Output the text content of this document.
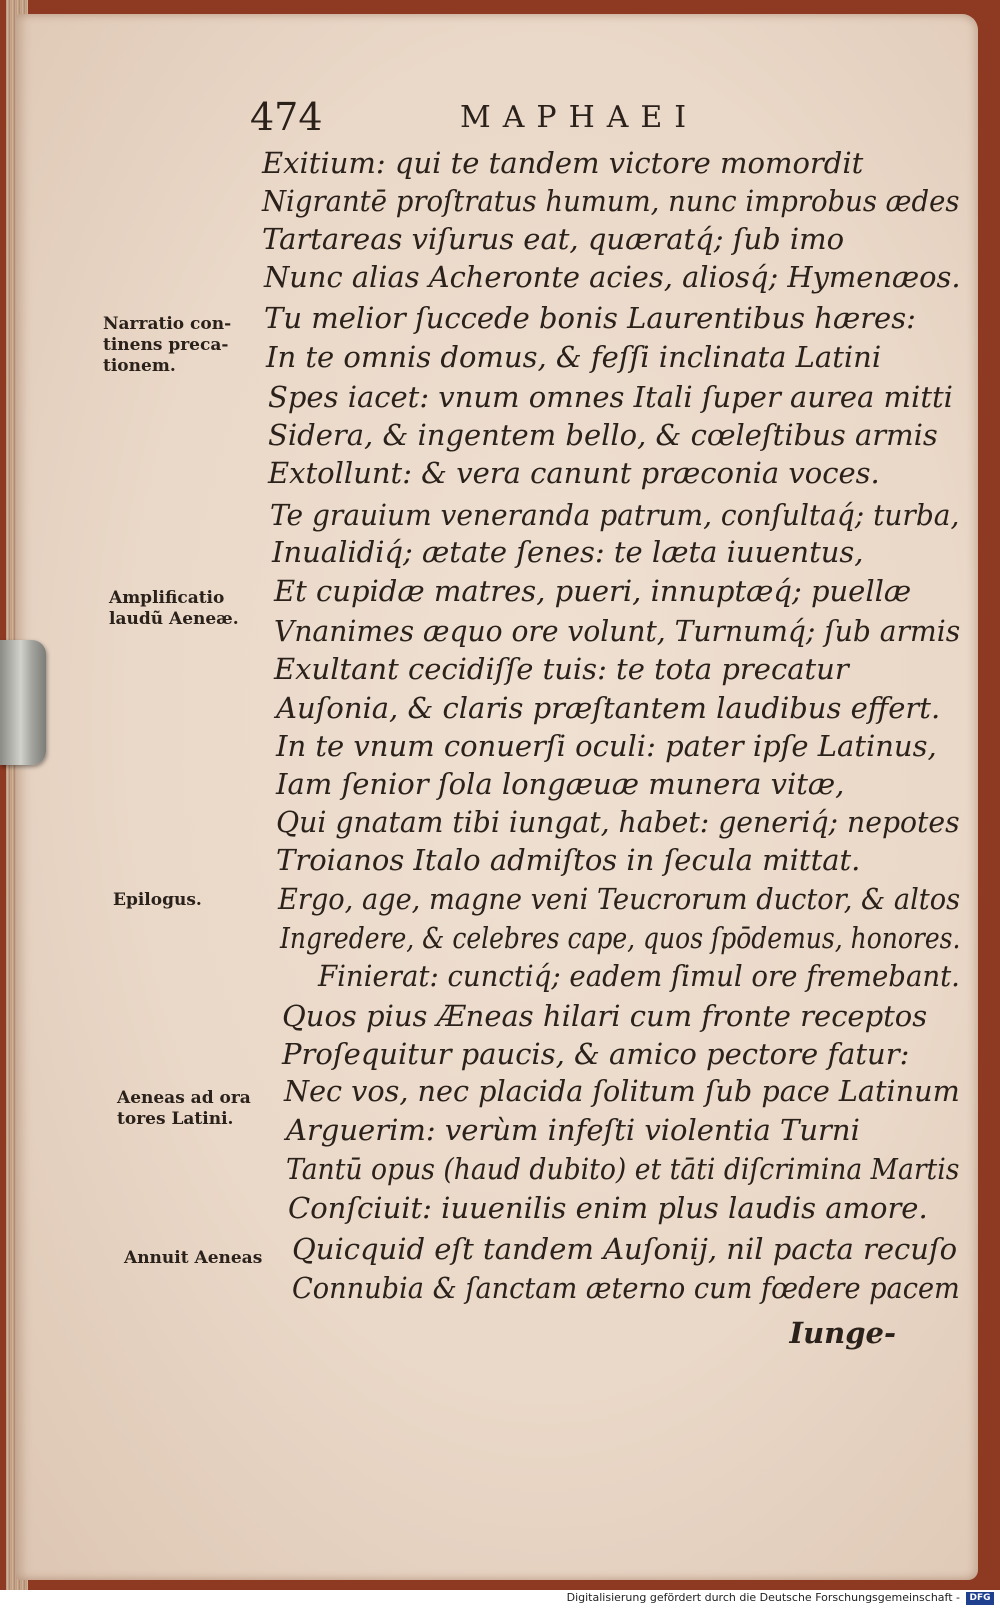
474	MAPHAEI
Narratio con-
tinens preca-
tionem.
Amplificatio
laudũ Aeneæ.
Epilogus.
Aeneas ad ora
tores Latini.
Annuit Aeneas
Exitium: qui te tandem victore momordit
Nigrantē proſtratus humum, nunc improbus ædes
Tartareas viſurus eat, quæratq́; ſub imo
Nunc alias Acheronte acies, aliosq́; Hymenæos.
Tu melior ſuccede bonis Laurentibus hæres:
In te omnis domus, & feſſi inclinata Latini
Spes iacet: vnum omnes Itali ſuper aurea mitti
Sidera, & ingentem bello, & cœleſtibus armis
Extollunt: & vera canunt præconia voces.
Te grauium veneranda patrum, conſultaq́; turba,
Inualidiq́; ætate ſenes: te læta iuuentus,
Et cupidæ matres, pueri, innuptæq́; puellæ
Vnanimes æquo ore volunt, Turnumq́; ſub armis
Exultant cecidiſſe tuis: te tota precatur
Auſonia, & claris præſtantem laudibus effert.
In te vnum conuerſi oculi: pater ipſe Latinus,
Iam ſenior ſola longæuæ munera vitæ,
Qui gnatam tibi iungat, habet: generiq́; nepotes
Troianos Italo admiſtos in ſecula mittat.
Ergo, age, magne veni Teucrorum ductor, & altos
Ingredere, & celebres cape, quos ſpōdemus, honores.
Finierat: cunctiq́; eadem ſimul ore fremebant.
Quos pius Æneas hilari cum fronte receptos
Proſequitur paucis, & amico pectore fatur:
Nec vos, nec placida ſolitum ſub pace Latinum
Arguerim: verùm infeſti violentia Turni
Tantū opus (haud dubito) et tāti diſcrimina Martis
Conſciuit: iuuenilis enim plus laudis amore.
Quicquid eſt tandem Auſonij, nil pacta recuſo
Connubia & ſanctam æterno cum fœdere pacem
Iunge-
Digitalisierung gefördert durch die Deutsche Forschungsgemeinschaft -	DFG
